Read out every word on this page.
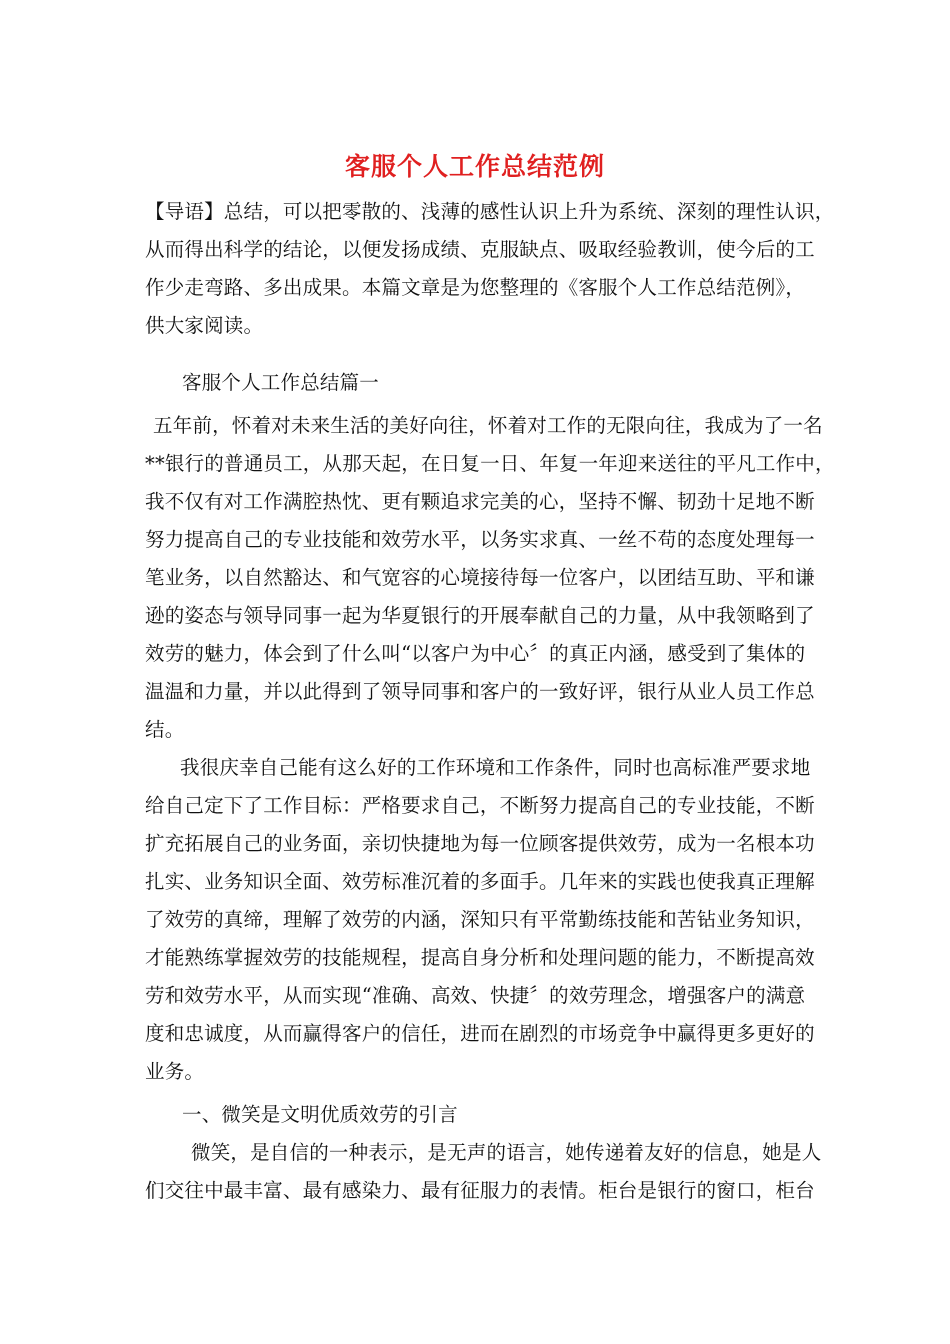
客服个人工作总结范例
【导语】总结，可以把零散的、浅薄的感性认识上升为系统、深刻的理性认识，
从而得出科学的结论，以便发扬成绩、克服缺点、吸取经验教训，使今后的工
作少走弯路、多出成果。本篇文章是为您整理的《客服个人工作总结范例》，
供大家阅读。
客服个人工作总结篇一
五年前，怀着对未来生活的美好向往，怀着对工作的无限向往，我成为了一名
**银行的普通员工，从那天起，在日复一日、年复一年迎来送往的平凡工作中，
我不仅有对工作满腔热忱、更有颗追求完美的心，坚持不懈、韧劲十足地不断
努力提高自己的专业技能和效劳水平，以务实求真、一丝不苟的态度处理每一
笔业务，以自然豁达、和气宽容的心境接待每一位客户，以团结互助、平和谦
逊的姿态与领导同事一起为华夏银行的开展奉献自己的力量，从中我领略到了
效劳的魅力，体会到了什么叫“以客户为中心〞的真正内涵，感受到了集体的
温温和力量，并以此得到了领导同事和客户的一致好评，银行从业人员工作总
结。
我很庆幸自己能有这么好的工作环境和工作条件，同时也高标准严要求地
给自己定下了工作目标：严格要求自己，不断努力提高自己的专业技能，不断
扩充拓展自己的业务面，亲切快捷地为每一位顾客提供效劳，成为一名根本功
扎实、业务知识全面、效劳标准沉着的多面手。几年来的实践也使我真正理解
了效劳的真缔，理解了效劳的内涵，深知只有平常勤练技能和苦钻业务知识，
才能熟练掌握效劳的技能规程，提高自身分析和处理问题的能力，不断提高效
劳和效劳水平，从而实现“准确、高效、快捷〞的效劳理念，增强客户的满意
度和忠诚度，从而赢得客户的信任，进而在剧烈的市场竞争中赢得更多更好的
业务。
一、微笑是文明优质效劳的引言
微笑，是自信的一种表示，是无声的语言，她传递着友好的信息，她是人
们交往中最丰富、最有感染力、最有征服力的表情。柜台是银行的窗口，柜台
